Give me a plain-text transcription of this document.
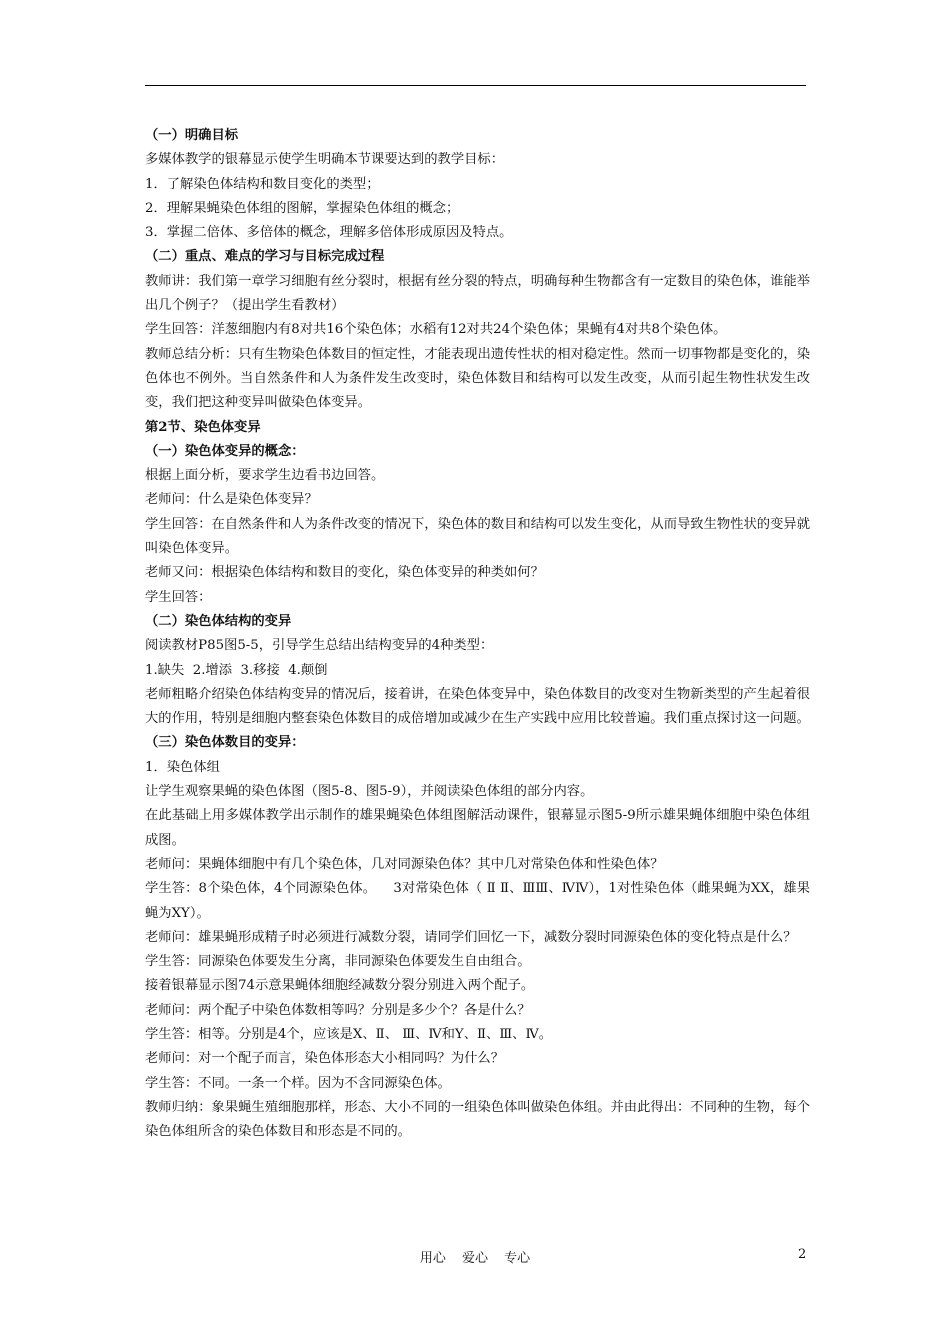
（一）明确目标

多媒体教学的银幕显示使学生明确本节课要达到的教学目标：

1．了解染色体结构和数目变化的类型；

2．理解果蝇染色体组的图解，掌握染色体组的概念；

3．掌握二倍体、多倍体的概念，理解多倍体形成原因及特点。

（二）重点、难点的学习与目标完成过程

教师讲：我们第一章学习细胞有丝分裂时，根据有丝分裂的特点，明确每种生物都含有一定数目的染色体，谁能举出几个例子？（提出学生看教材）

学生回答：洋葱细胞内有8对共16个染色体；水稻有12对共24个染色体；果蝇有4对共8个染色体。

教师总结分析：只有生物染色体数目的恒定性，才能表现出遗传性状的相对稳定性。然而一切事物都是变化的，染色体也不例外。当自然条件和人为条件发生改变时，染色体数目和结构可以发生改变，从而引起生物性状发生改变，我们把这种变异叫做染色体变异。

第2节、染色体变异

（一）染色体变异的概念：

根据上面分析，要求学生边看书边回答。

老师问：什么是染色体变异？

学生回答：在自然条件和人为条件改变的情况下，染色体的数目和结构可以发生变化，从而导致生物性状的变异就叫染色体变异。

老师又问：根据染色体结构和数目的变化，染色体变异的种类如何？

学生回答：

（二）染色体结构的变异

阅读教材P85图5-5，引导学生总结出结构变异的4种类型：

1.缺失  2.增添  3.移接  4.颠倒

老师粗略介绍染色体结构变异的情况后，接着讲，在染色体变异中，染色体数目的改变对生物新类型的产生起着很大的作用，特别是细胞内整套染色体数目的成倍增加或减少在生产实践中应用比较普遍。我们重点探讨这一问题。

（三）染色体数目的变异：

1．染色体组

让学生观察果蝇的染色体图（图5-8、图5-9），并阅读染色体组的部分内容。

在此基础上用多媒体教学出示制作的雄果蝇染色体组图解活动课件，银幕显示图5-9所示雄果蝇体细胞中染色体组成图。

老师问：果蝇体细胞中有几个染色体，几对同源染色体？其中几对常染色体和性染色体？

学生答：8个染色体，4个同源染色体。    3对常染色体（ Ⅱ Ⅱ、ⅢⅢ、ⅣⅣ），1对性染色体（雌果蝇为XX，雄果蝇为XY）。

老师问：雄果蝇形成精子时必须进行减数分裂，请同学们回忆一下，减数分裂时同源染色体的变化特点是什么？

学生答：同源染色体要发生分离，非同源染色体要发生自由组合。

接着银幕显示图74示意果蝇体细胞经减数分裂分别进入两个配子。

老师问：两个配子中染色体数相等吗？分别是多少个？各是什么？

学生答：相等。分别是4个，应该是X、Ⅱ、 Ⅲ、Ⅳ和Y、Ⅱ、Ⅲ、Ⅳ。

老师问：对一个配子而言，染色体形态大小相同吗？为什么？

学生答：不同。一条一个样。因为不含同源染色体。

教师归纳：象果蝇生殖细胞那样，形态、大小不同的一组染色体叫做染色体组。并由此得出：不同种的生物，每个染色体组所含的染色体数目和形态是不同的。

用心 爱心 专心	2
